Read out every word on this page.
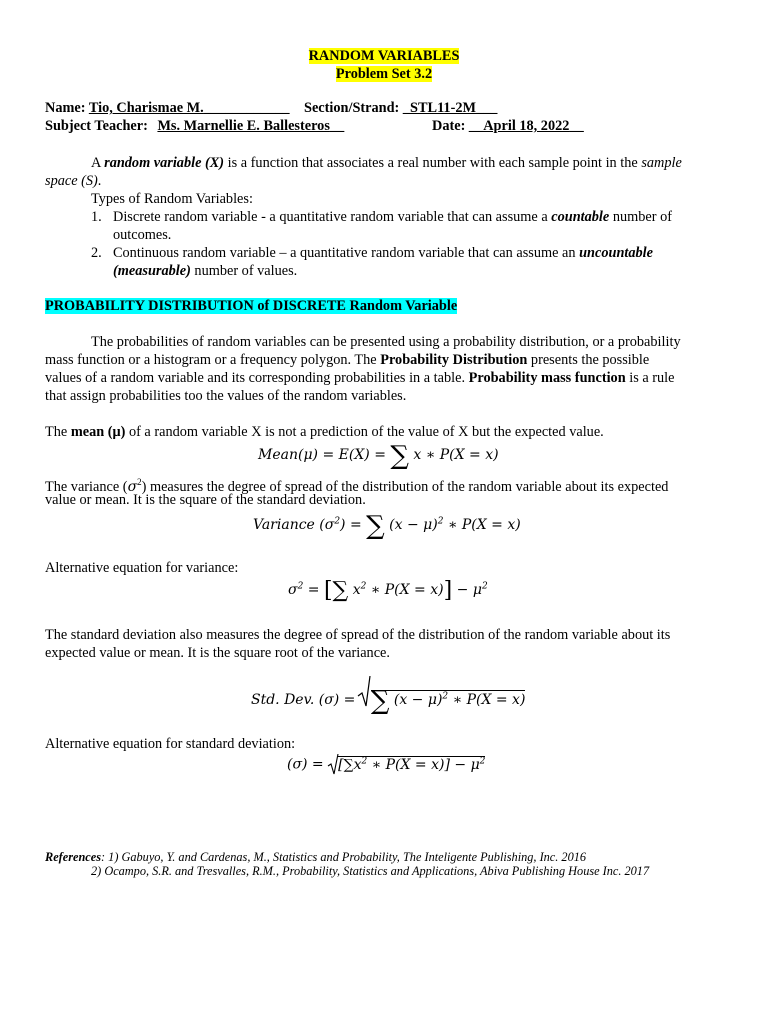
RANDOM VARIABLES
Problem Set 3.2
Name: Tio, Charismae M.____________ Section/Strand: _STL11-2M___
Subject Teacher: Ms. Marnellie E. Ballesteros__	Date: __April 18, 2022__
A random variable (X) is a function that associates a real number with each sample point in the sample
space (S).
Types of Random Variables:
1. Discrete random variable - a quantitative random variable that can assume a countable number of
outcomes.
2. Continuous random variable – a quantitative random variable that can assume an uncountable
(measurable) number of values.
PROBABILITY DISTRIBUTION of DISCRETE Random Variable
The probabilities of random variables can be presented using a probability distribution, or a probability
mass function or a histogram or a frequency polygon. The Probability Distribution presents the possible
values of a random variable and its corresponding probabilities in a table. Probability mass function is a rule
that assign probabilities too the values of the random variables.
The mean (μ) of a random variable X is not a prediction of the value of X but the expected value.
Mean(μ) = E(X) = ∑ x ∗ P(X = x)
The variance $(\sigma^2)$ measures the degree of spread of the distribution of the random variable about its expected
value or mean. It is the square of the standard deviation.
Variance $(\sigma^2)$ = ∑ $(x - \mu)^2$ ∗ P(X = x)
Alternative equation for variance:
$\sigma^2$ = [∑ $x^2$ ∗ $P(X = x)] - \mu^2$
The standard deviation also measures the degree of spread of the distribution of the random variable about its
expected value or mean. It is the square root of the variance.
Std. Dev. (σ) =
∑ $(x - \mu)^2$ ∗ P(X = x)
Alternative equation for standard deviation:
(σ) =
[$\sum x^2$ ∗ $P(X = x)] - \mu^2$
References: 1) Gabuyo, Y. and Cardenas, M., Statistics and Probability, The Inteligente Publishing, Inc. 2016
2) Ocampo, S.R. and Tresvalles, R.M., Probability, Statistics and Applications, Abiva Publishing House Inc. 2017
